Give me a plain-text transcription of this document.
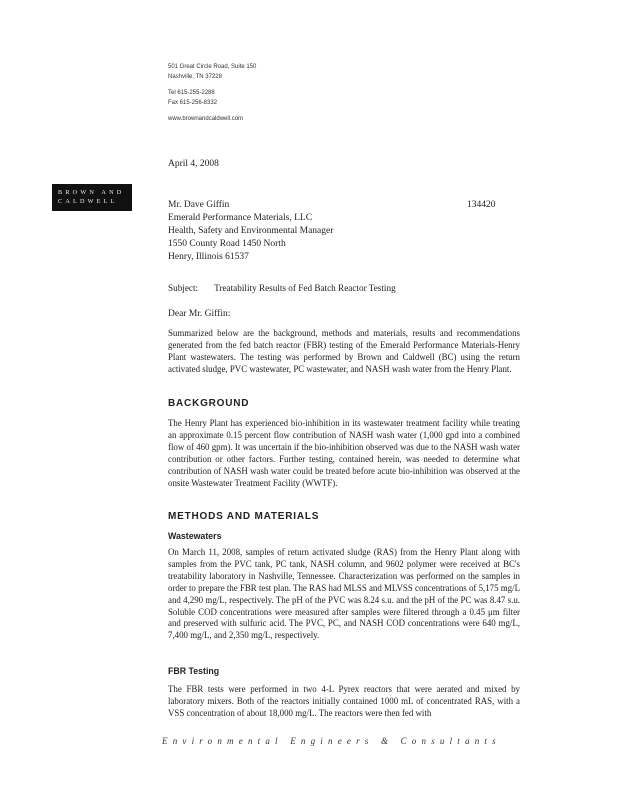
501 Great Circle Road, Suite 150
Nashville, TN 37228
Tel 615-255-2288
Fax 615-256-8332
www.brownandcaldwell.com
BROWN AND
CALDWELL
April 4, 2008
134420
Mr. Dave Giffin
Emerald Performance Materials, LLC
Health, Safety and Environmental Manager
1550 County Road 1450 North
Henry, Illinois 61537
Subject: Treatability Results of Fed Batch Reactor Testing
Dear Mr. Giffin:
Summarized below are the background, methods and materials, results and recommendations generated from the fed batch reactor (FBR) testing of the Emerald Performance Materials-Henry Plant wastewaters. The testing was performed by Brown and Caldwell (BC) using the return activated sludge, PVC wastewater, PC wastewater, and NASH wash water from the Henry Plant.
BACKGROUND
The Henry Plant has experienced bio-inhibition in its wastewater treatment facility while treating an approximate 0.15 percent flow contribution of NASH wash water (1,000 gpd into a combined flow of 460 gpm). It was uncertain if the bio-inhibition observed was due to the NASH wash water contribution or other factors. Further testing, contained herein, was needed to determine what contribution of NASH wash water could be treated before acute bio-inhibition was observed at the onsite Wastewater Treatment Facility (WWTF).
METHODS AND MATERIALS
Wastewaters
On March 11, 2008, samples of return activated sludge (RAS) from the Henry Plant along with samples from the PVC tank, PC tank, NASH column, and 9602 polymer were received at BC's treatability laboratory in Nashville, Tennessee. Characterization was performed on the samples in order to prepare the FBR test plan. The RAS had MLSS and MLVSS concentrations of 5,175 mg/L and 4,290 mg/L, respectively. The pH of the PVC was 8.24 s.u. and the pH of the PC was 8.47 s.u. Soluble COD concentrations were measured after samples were filtered through a 0.45 μm filter and preserved with sulfuric acid. The PVC, PC, and NASH COD concentrations were 640 mg/L, 7,400 mg/L, and 2,350 mg/L, respectively.
FBR Testing
The FBR tests were performed in two 4-L Pyrex reactors that were aerated and mixed by laboratory mixers. Both of the reactors initially contained 1000 mL of concentrated RAS, with a VSS concentration of about 18,000 mg/L. The reactors were then fed with
Environmental Engineers & Consultants
